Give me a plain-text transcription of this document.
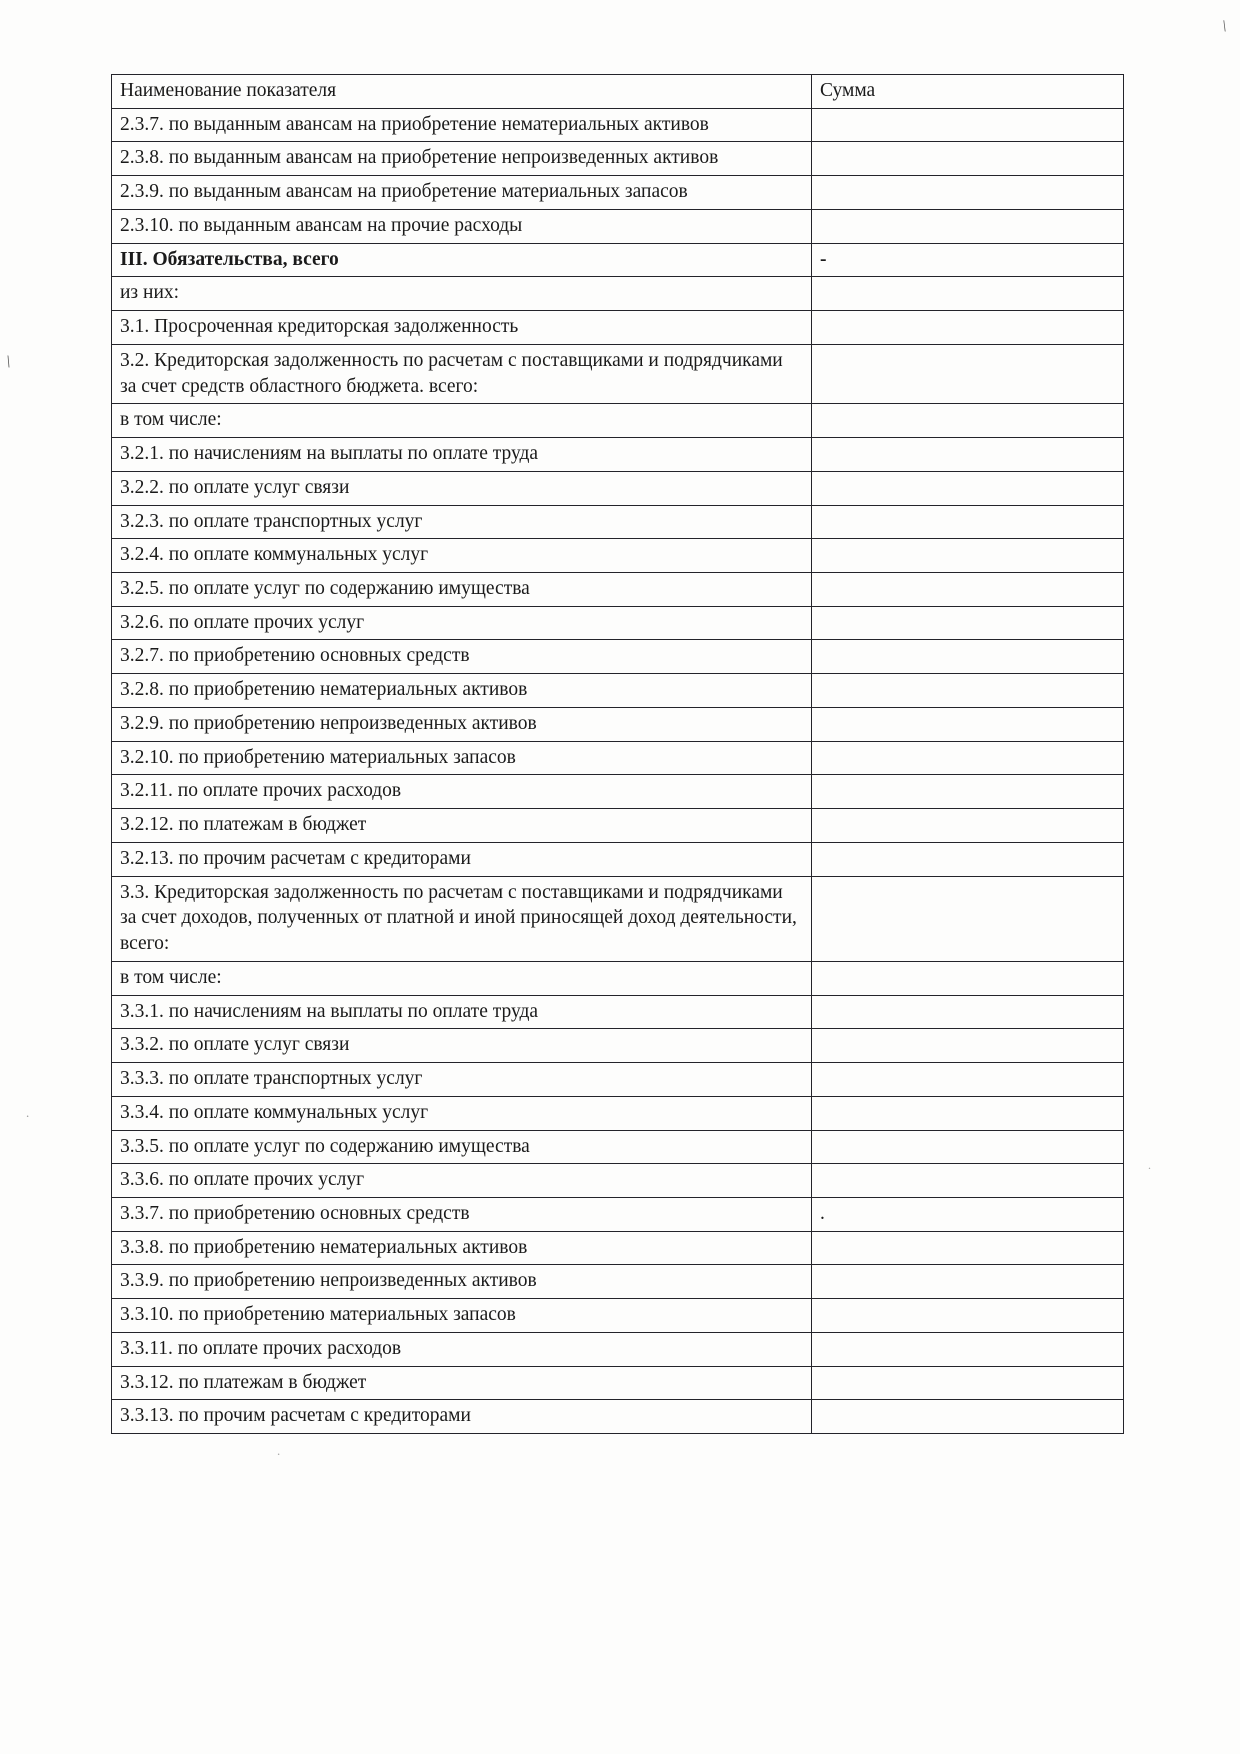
\
\
.
.
.
Наименование показателя	Сумма

2.3.7. по выданным авансам на приобретение нематериальных активов	

2.3.8. по выданным авансам на приобретение непроизведенных активов	

2.3.9. по выданным авансам на приобретение материальных запасов	

2.3.10. по выданным авансам на прочие расходы	

III. Обязательства, всего	-

из них:	

3.1. Просроченная кредиторская задолженность	

3.2. Кредиторская задолженность по расчетам с поставщиками и подрядчиками за счет средств областного бюджета. всего:	

в том числе:	

3.2.1. по начислениям на выплаты по оплате труда	

3.2.2. по оплате услуг связи	

3.2.3. по оплате транспортных услуг	

3.2.4. по оплате коммунальных услуг	

3.2.5. по оплате услуг по содержанию имущества	

3.2.6. по оплате прочих услуг	

3.2.7. по приобретению основных средств	

3.2.8. по приобретению нематериальных активов	

3.2.9. по приобретению непроизведенных активов	

3.2.10. по приобретению материальных запасов	

3.2.11. по оплате прочих расходов	

3.2.12. по платежам в бюджет	

3.2.13. по прочим расчетам с кредиторами	

3.3. Кредиторская задолженность по расчетам с поставщиками и подрядчиками за счет доходов, полученных от платной и иной приносящей доход деятельности, всего:	

в том числе:	

3.3.1. по начислениям на выплаты по оплате труда	

3.3.2. по оплате услуг связи	

3.3.3. по оплате транспортных услуг	

3.3.4. по оплате коммунальных услуг	

3.3.5. по оплате услуг по содержанию имущества	

3.3.6. по оплате прочих услуг	

3.3.7. по приобретению основных средств	.

3.3.8. по приобретению нематериальных активов	

3.3.9. по приобретению непроизведенных активов	

3.3.10. по приобретению материальных запасов	

3.3.11. по оплате прочих расходов	

3.3.12. по платежам в бюджет	

3.3.13. по прочим расчетам с кредиторами	
